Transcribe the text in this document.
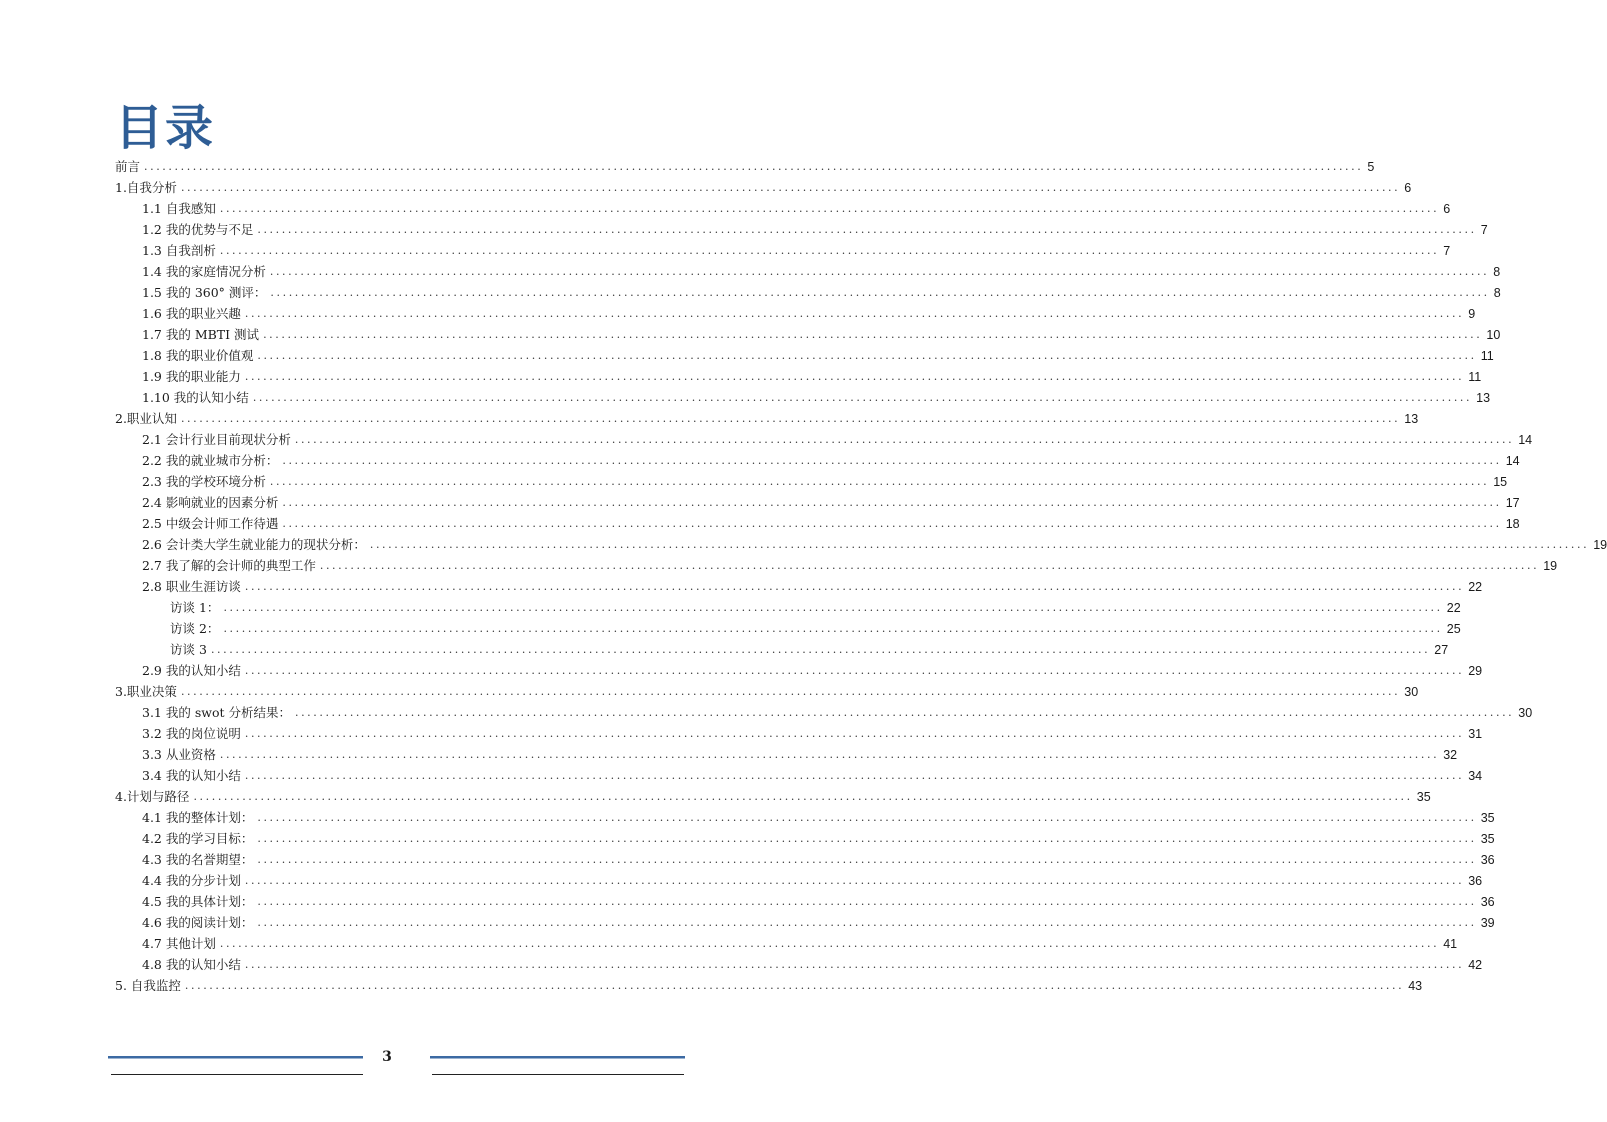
目录
前言 ........................................................................................................................................................................................................ 5
1.自我分析 ........................................................................................................................................................................................................ 6
1.1 自我感知 ........................................................................................................................................................................................................ 6
1.2 我的优势与不足 ........................................................................................................................................................................................................ 7
1.3 自我剖析 ........................................................................................................................................................................................................ 7
1.4 我的家庭情况分析 ........................................................................................................................................................................................................ 8
1.5 我的 360° 测评： ........................................................................................................................................................................................................ 8
1.6 我的职业兴趣 ........................................................................................................................................................................................................ 9
1.7 我的 MBTI 测试 ........................................................................................................................................................................................................ 10
1.8 我的职业价值观 ........................................................................................................................................................................................................ 11
1.9 我的职业能力 ........................................................................................................................................................................................................ 11
1.10 我的认知小结 ........................................................................................................................................................................................................ 13
2.职业认知 ........................................................................................................................................................................................................ 13
2.1 会计行业目前现状分析 ........................................................................................................................................................................................................ 14
2.2 我的就业城市分析： ........................................................................................................................................................................................................ 14
2.3 我的学校环境分析 ........................................................................................................................................................................................................ 15
2.4 影响就业的因素分析 ........................................................................................................................................................................................................ 17
2.5 中级会计师工作待遇 ........................................................................................................................................................................................................ 18
2.6 会计类大学生就业能力的现状分析： ........................................................................................................................................................................................................ 19
2.7 我了解的会计师的典型工作 ........................................................................................................................................................................................................ 19
2.8 职业生涯访谈 ........................................................................................................................................................................................................ 22
访谈 1： ........................................................................................................................................................................................................ 22
访谈 2： ........................................................................................................................................................................................................ 25
访谈 3 ........................................................................................................................................................................................................ 27
2.9 我的认知小结 ........................................................................................................................................................................................................ 29
3.职业决策 ........................................................................................................................................................................................................ 30
3.1 我的 swot 分析结果： ........................................................................................................................................................................................................ 30
3.2 我的岗位说明 ........................................................................................................................................................................................................ 31
3.3 从业资格 ........................................................................................................................................................................................................ 32
3.4 我的认知小结 ........................................................................................................................................................................................................ 34
4.计划与路径 ........................................................................................................................................................................................................ 35
4.1 我的整体计划： ........................................................................................................................................................................................................ 35
4.2 我的学习目标： ........................................................................................................................................................................................................ 35
4.3 我的名誉期望： ........................................................................................................................................................................................................ 36
4.4 我的分步计划 ........................................................................................................................................................................................................ 36
4.5 我的具体计划： ........................................................................................................................................................................................................ 36
4.6 我的阅读计划： ........................................................................................................................................................................................................ 39
4.7 其他计划 ........................................................................................................................................................................................................ 41
4.8 我的认知小结 ........................................................................................................................................................................................................ 42
5. 自我监控 ........................................................................................................................................................................................................ 43
3
